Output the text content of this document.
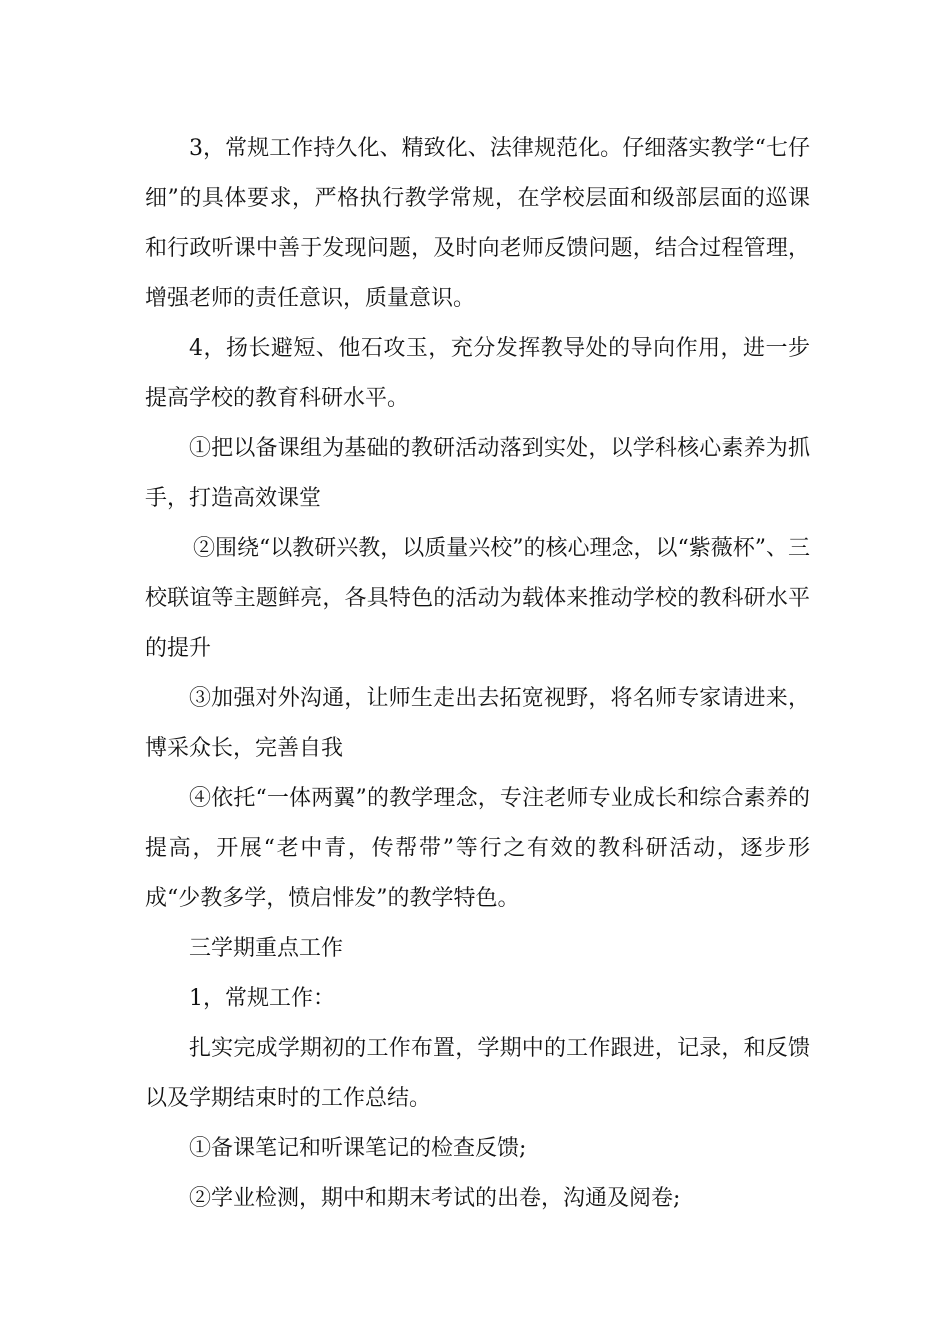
3，常规工作持久化、精致化、法律规范化。仔细落实教学“七仔细”的具体要求，严格执行教学常规，在学校层面和级部层面的巡课和行政听课中善于发现问题，及时向老师反馈问题，结合过程管理，增强老师的责任意识，质量意识。

4，扬长避短、他石攻玉，充分发挥教导处的导向作用，进一步提高学校的教育科研水平。

①把以备课组为基础的教研活动落到实处，以学科核心素养为抓手，打造高效课堂

②围绕“以教研兴教，以质量兴校”的核心理念，以“紫薇杯”、三校联谊等主题鲜亮，各具特色的活动为载体来推动学校的教科研水平的提升

③加强对外沟通，让师生走出去拓宽视野，将名师专家请进来，博采众长，完善自我

④依托“一体两翼”的教学理念，专注老师专业成长和综合素养的提高，开展“老中青，传帮带”等行之有效的教科研活动，逐步形成“少教多学，愤启悱发”的教学特色。

三学期重点工作

1，常规工作：

扎实完成学期初的工作布置，学期中的工作跟进，记录，和反馈以及学期结束时的工作总结。

①备课笔记和听课笔记的检查反馈;

②学业检测，期中和期末考试的出卷，沟通及阅卷;
